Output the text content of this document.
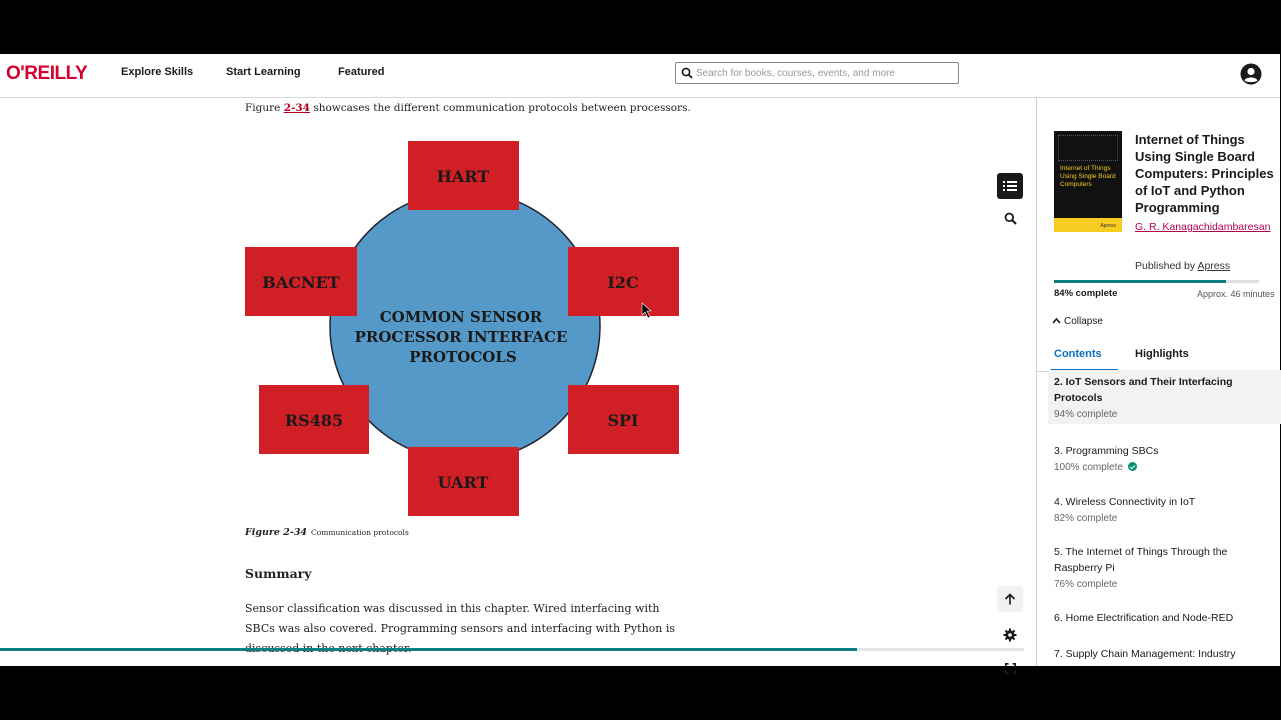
O'REILLY	Explore Skills	Start Learning	Featured
Search for books, courses, events, and more
Figure 2-34 showcases the different communication protocols between processors.
COMMON SENSOR
PROCESSOR INTERFACE
PROTOCOLS
HART
BACNET	I2C
RS485	SPI
UART
Figure 2-34 Communication protocols
Summary
Sensor classification was discussed in this chapter. Wired interfacing with SBCs was also covered. Programming sensors and interfacing with Python is
Internet of Things Using Single Board Computers
Apress
Internet of Things Using Single Board Computers: Principles of IoT and Python Programming
G. R. Kanagachidambaresan
Published by Apress
84% complete	Approx. 46 minutes
Collapse
Contents	Highlights
2. IoT Sensors and Their Interfacing Protocols
94% complete
3. Programming SBCs
100% complete
4. Wireless Connectivity in IoT
82% complete
5. The Internet of Things Through the Raspberry Pi
76% complete
6. Home Electrification and Node-RED
7. Supply Chain Management: Industry
